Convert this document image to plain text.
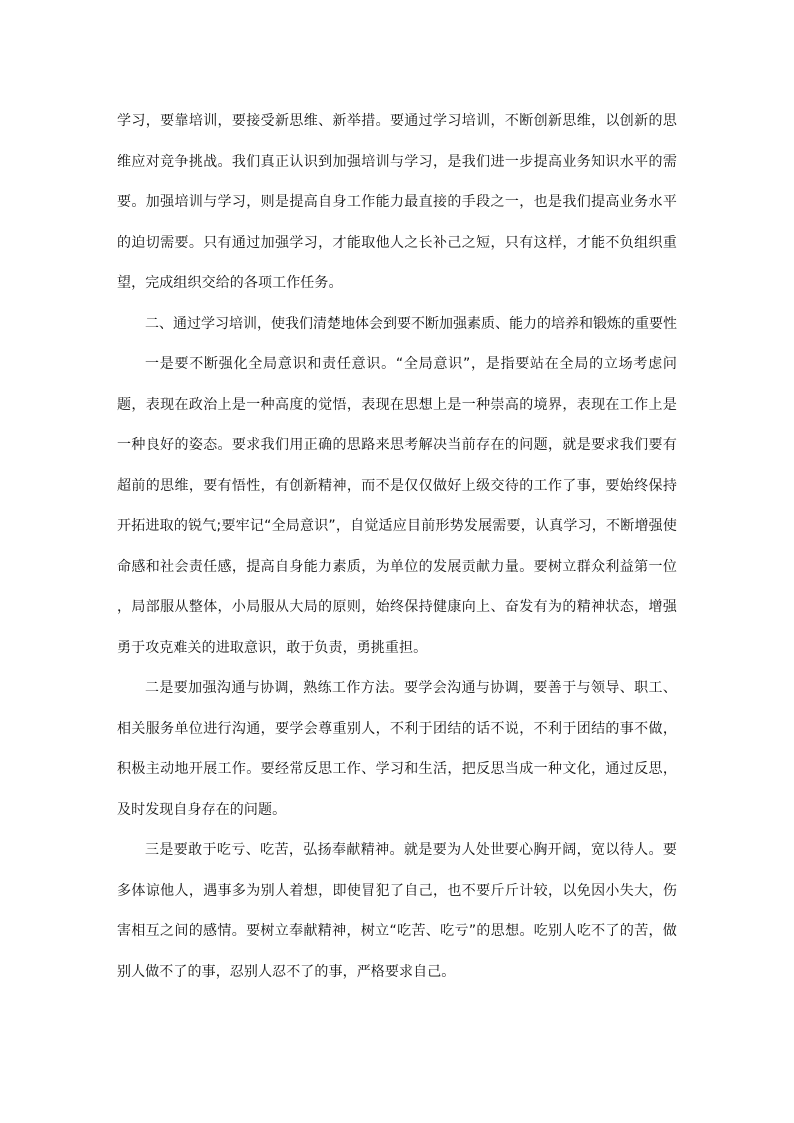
学习，要靠培训，要接受新思维、新举措。要通过学习培训，不断创新思维，以创新的思维应对竞争挑战。我们真正认识到加强培训与学习，是我们进一步提高业务知识水平的需要。加强培训与学习，则是提高自身工作能力最直接的手段之一，也是我们提高业务水平的迫切需要。只有通过加强学习，才能取他人之长补己之短，只有这样，才能不负组织重望，完成组织交给的各项工作任务。

二、通过学习培训，使我们清楚地体会到要不断加强素质、能力的培养和锻炼的重要性

一是要不断强化全局意识和责任意识。“全局意识”，是指要站在全局的立场考虑问题，表现在政治上是一种高度的觉悟，表现在思想上是一种崇高的境界，表现在工作上是一种良好的姿态。要求我们用正确的思路来思考解决当前存在的问题，就是要求我们要有超前的思维，要有悟性，有创新精神，而不是仅仅做好上级交待的工作了事，要始终保持开拓进取的锐气;要牢记“全局意识”，自觉适应目前形势发展需要，认真学习，不断增强使命感和社会责任感，提高自身能力素质，为单位的发展贡献力量。要树立群众利益第一位 ，局部服从整体，小局服从大局的原则，始终保持健康向上、奋发有为的精神状态，增强勇于攻克难关的进取意识，敢于负责，勇挑重担。

二是要加强沟通与协调，熟练工作方法。要学会沟通与协调，要善于与领导、职工、相关服务单位进行沟通，要学会尊重别人，不利于团结的话不说，不利于团结的事不做，积极主动地开展工作。要经常反思工作、学习和生活，把反思当成一种文化，通过反思，及时发现自身存在的问题。

三是要敢于吃亏、吃苦，弘扬奉献精神。就是要为人处世要心胸开阔，宽以待人。要多体谅他人，遇事多为别人着想，即使冒犯了自己，也不要斤斤计较，以免因小失大，伤害相互之间的感情。要树立奉献精神，树立“吃苦、吃亏”的思想。吃别人吃不了的苦，做别人做不了的事，忍别人忍不了的事，严格要求自己。
